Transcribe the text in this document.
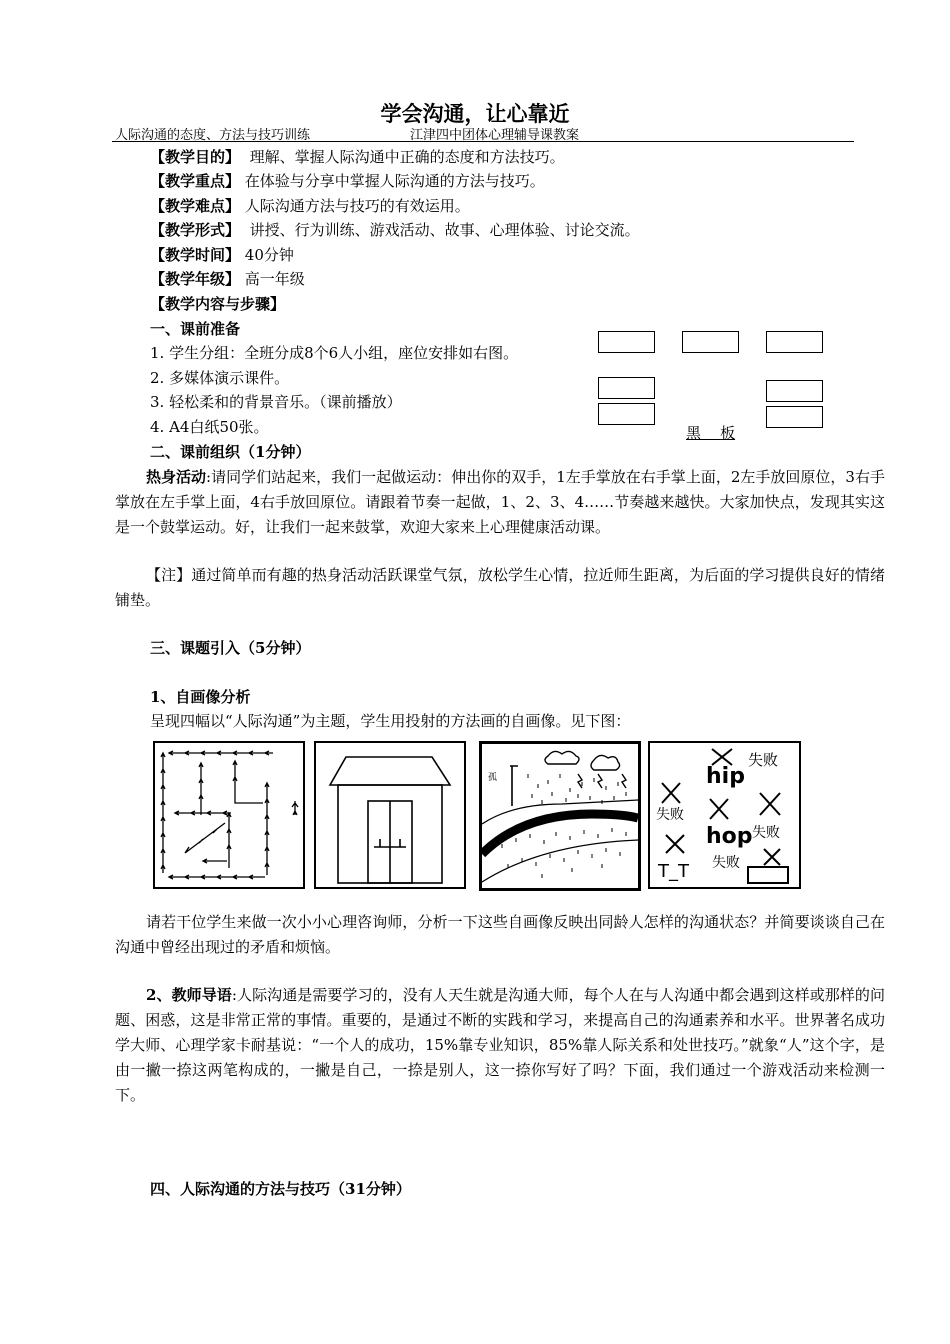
学会沟通，让心靠近
人际沟通的态度、方法与技巧训练	江津四中团体心理辅导课教案
【教学目的】 理解、掌握人际沟通中正确的态度和方法技巧。
【教学重点】 在体验与分享中掌握人际沟通的方法与技巧。
【教学难点】 人际沟通方法与技巧的有效运用。
【教学形式】 讲授、行为训练、游戏活动、故事、心理体验、讨论交流。
【教学时间】 40分钟
【教学年级】 高一年级
【教学内容与步骤】
一、课前准备
1. 学生分组：全班分成8个6人小组，座位安排如右图。
2. 多媒体演示课件。
3. 轻松柔和的背景音乐。（课前播放）
4. A4白纸50张。	黑    板
二、课前组织（1分钟）
热身活动:请同学们站起来，我们一起做运动：伸出你的双手，1左手掌放在右手掌上面，2左手放回原位，3右手掌放在左手掌上面，4右手放回原位。请跟着节奏一起做，1、2、3、4……节奏越来越快。大家加快点，发现其实这是一个鼓掌运动。好，让我们一起来鼓掌，欢迎大家来上心理健康活动课。
【注】通过简单而有趣的热身活动活跃课堂气氛，放松学生心情，拉近师生距离，为后面的学习提供良好的情绪铺垫。
三、课题引入（5分钟）
1、自画像分析
呈现四幅以“人际沟通”为主题，学生用投射的方法画的自画像。见下图：
孤	hip
hop
失败
失败
失败
失败
T_T
请若干位学生来做一次小小心理咨询师，分析一下这些自画像反映出同龄人怎样的沟通状态？并简要谈谈自己在沟通中曾经出现过的矛盾和烦恼。
2、教师导语:人际沟通是需要学习的，没有人天生就是沟通大师，每个人在与人沟通中都会遇到这样或那样的问题、困惑，这是非常正常的事情。重要的，是通过不断的实践和学习，来提高自己的沟通素养和水平。世界著名成功学大师、心理学家卡耐基说：“一个人的成功，15%靠专业知识，85%靠人际关系和处世技巧。”就象“人”这个字，是由一撇一捺这两笔构成的，一撇是自己，一捺是别人，这一捺你写好了吗？下面，我们通过一个游戏活动来检测一下。
四、人际沟通的方法与技巧（31分钟）
